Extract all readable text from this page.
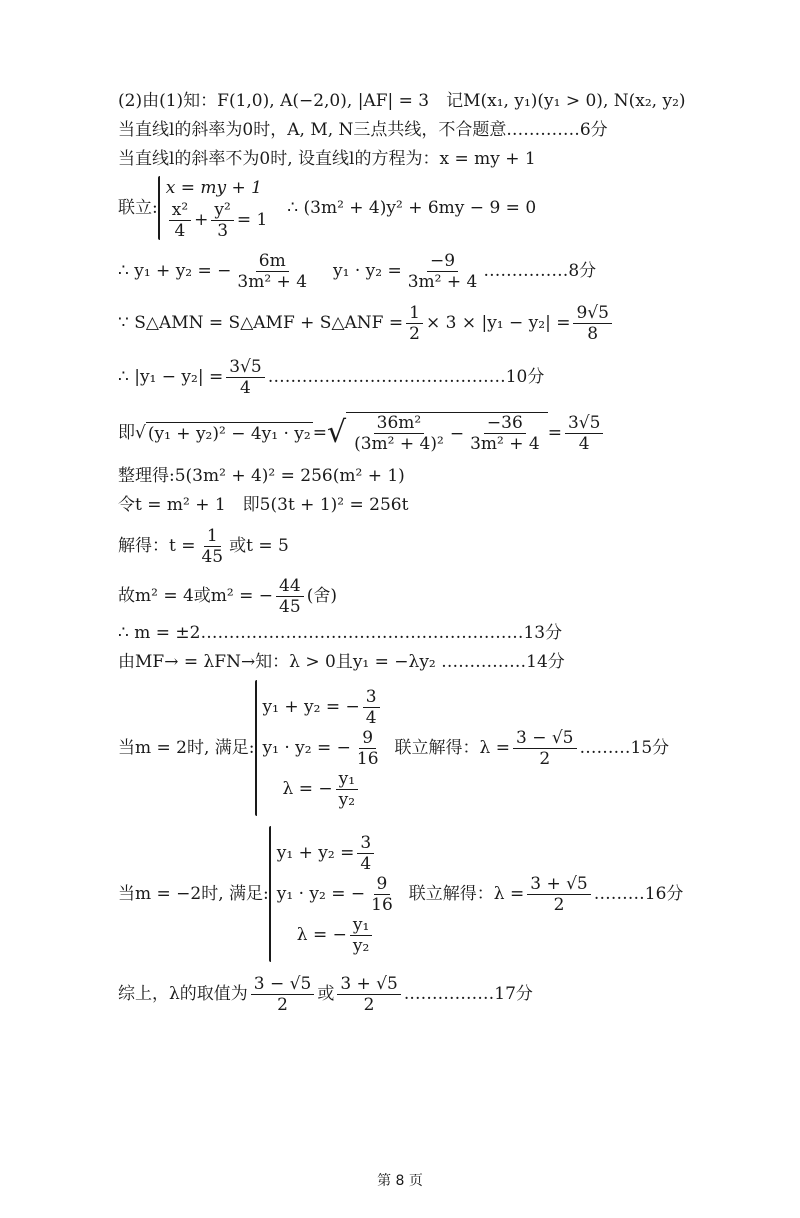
(2)由(1)知：F(1,0), A(−2,0), |AF| = 3　记M(x₁, y₁)(y₁ > 0), N(x₂, y₂)
当直线l的斜率为0时，A, M, N三点共线，不合题意.…………6分
当直线l的斜率不为0时, 设直线l的方程为：x = my + 1
联立:
x = my + 1
$\frac{\text{x²}}{4} + \frac{\text{y²}}{3} = 1$
∴ (3m² + 4)y² + 6my − 9 = 0
∴ y₁ + y₂ = − $\frac{6m}{\text{3m² + 4}} y_1 \cdot y_2 = \frac{-9}{\text{3m² + 4}}$ ……………8分
∵ S△AMN = S△AMF + S△ANF = $\frac{1}{2} \times 3 \times |y_1 - y_2| = \frac{9√5}{8}$
∴ $|y_1 - y_2| = \frac{3√5}{4}$ ……………………………………10分
即 √ (y₁ + y₂)² − 4y₁ · y₂ = √ $\frac{\text{36m²}}{\text{(3m² + 4)²}} - \frac{-36}{\text{3m² + 4}} = \frac{3√5}{4}$
整理得:5(3m² + 4)² = 256(m² + 1)
令t = m² + 1　即5(3t + 1)² = 256t
解得：$t = \frac{1}{45}$ 或t = 5
故m² = 4或m² = − $\frac{44}{45}$ (舍)
∴ m = ±2…………………………………………………13分
由MF→ = λFN→知：λ > 0且y₁ = −λy₂ ……………14分
当m = 2时, 满足:
y₁ + y₂ = − $\frac{3}{4}$
y₁ · y₂ = − $\frac{9}{16}$
λ = − $\frac{\text{y₁}}{\text{y₂}}$
联立解得：$\lambda = \frac{3 - √5}{2}$ ………15分
当m = −2时, 满足:
$y_1 + y_2 = \frac{3}{4}$
y₁ · y₂ = − $\frac{9}{16}$
λ = − $\frac{\text{y₁}}{\text{y₂}}$
联立解得：$\lambda = \frac{3 + √5}{2}$ ………16分
综上，λ的取值为 $\frac{3 - √5}{2}$ 或 $\frac{3 + √5}{2}$ .……………17分
第 8 页
